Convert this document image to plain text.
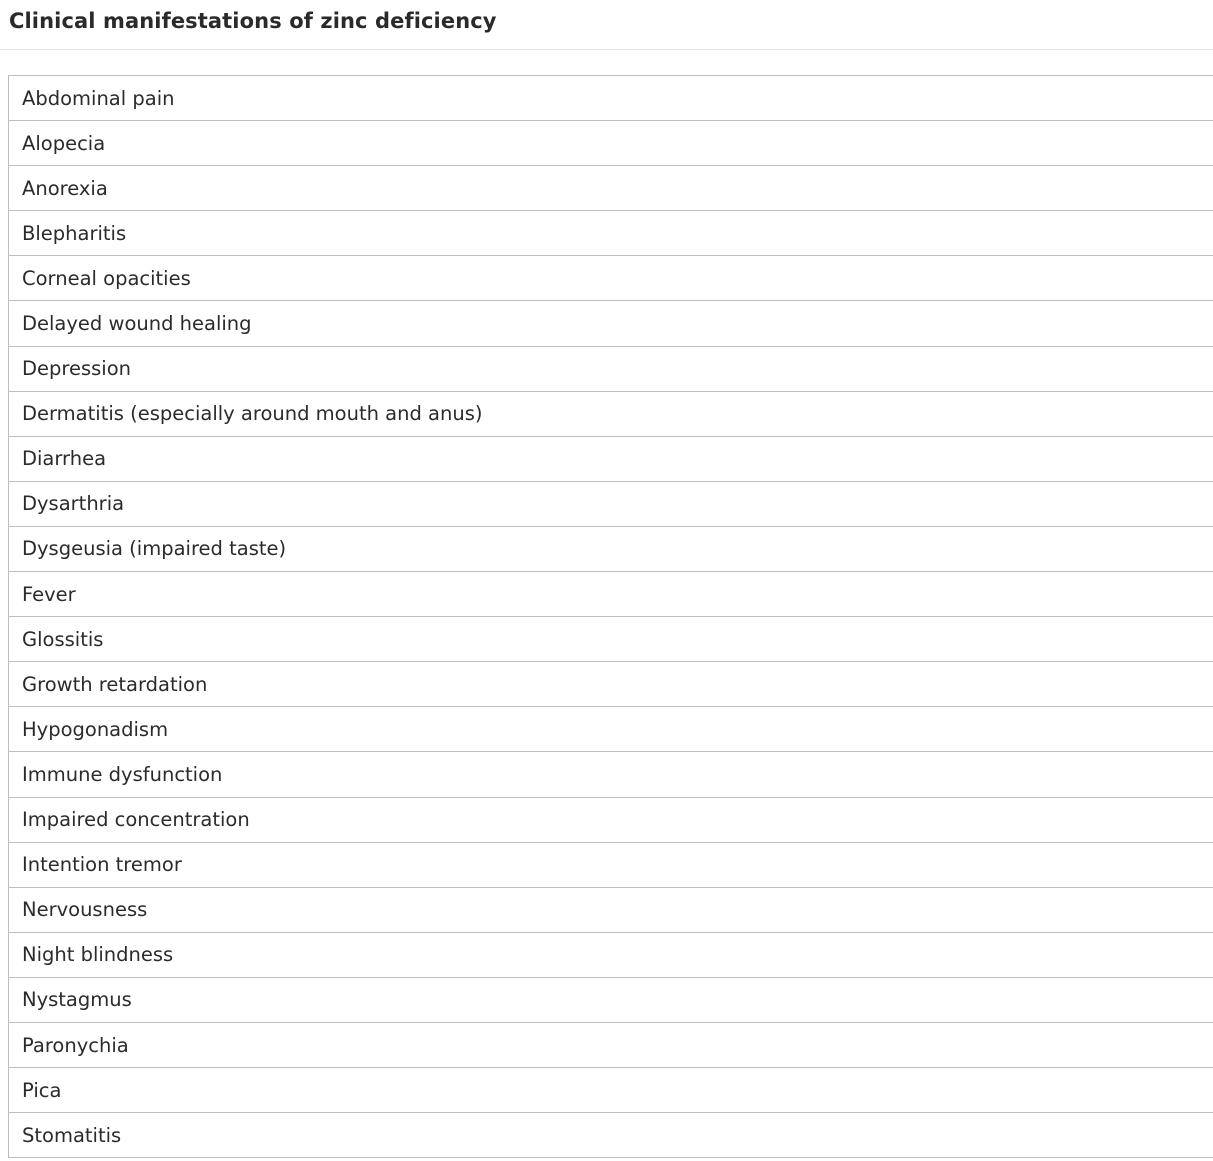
Clinical manifestations of zinc deficiency
Abdominal pain
Alopecia
Anorexia
Blepharitis
Corneal opacities
Delayed wound healing
Depression
Dermatitis (especially around mouth and anus)
Diarrhea
Dysarthria
Dysgeusia (impaired taste)
Fever
Glossitis
Growth retardation
Hypogonadism
Immune dysfunction
Impaired concentration
Intention tremor
Nervousness
Night blindness
Nystagmus
Paronychia
Pica
Stomatitis
